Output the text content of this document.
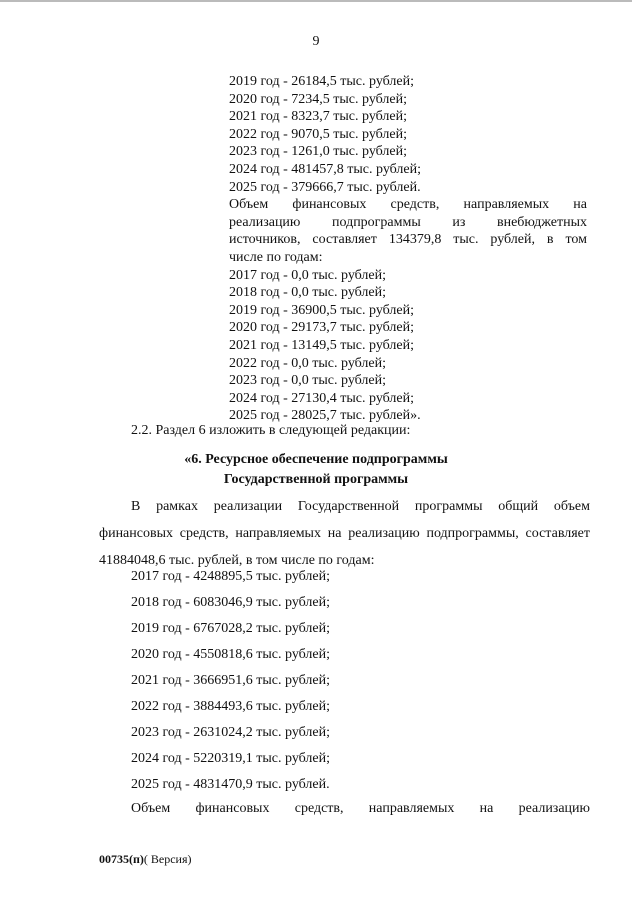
9
2019 год - 26184,5 тыс. рублей;
2020 год - 7234,5 тыс. рублей;
2021 год - 8323,7 тыс. рублей;
2022 год - 9070,5 тыс. рублей;
2023 год - 1261,0 тыс. рублей;
2024 год - 481457,8 тыс. рублей;
2025 год - 379666,7 тыс. рублей.
Объем финансовых средств, направляемых на
реализацию подпрограммы из внебюджетных
источников, составляет 134379,8 тыс. рублей, в том
числе по годам:
2017 год - 0,0 тыс. рублей;
2018 год - 0,0 тыс. рублей;
2019 год - 36900,5 тыс. рублей;
2020 год - 29173,7 тыс. рублей;
2021 год - 13149,5 тыс. рублей;
2022 год - 0,0 тыс. рублей;
2023 год - 0,0 тыс. рублей;
2024 год - 27130,4 тыс. рублей;
2025 год - 28025,7 тыс. рублей».
2.2. Раздел 6 изложить в следующей редакции:
«6. Ресурсное обеспечение подпрограммы
Государственной программы
В рамках реализации Государственной программы общий объем
финансовых средств, направляемых на реализацию подпрограммы, составляет
41884048,6 тыс. рублей, в том числе по годам:
2017 год - 4248895,5 тыс. рублей;
2018 год - 6083046,9 тыс. рублей;
2019 год - 6767028,2 тыс. рублей;
2020 год - 4550818,6 тыс. рублей;
2021 год - 3666951,6 тыс. рублей;
2022 год - 3884493,6 тыс. рублей;
2023 год - 2631024,2 тыс. рублей;
2024 год - 5220319,1 тыс. рублей;
2025 год - 4831470,9 тыс. рублей.
Объем финансовых средств, направляемых на реализацию
00735(п)( Версия)
